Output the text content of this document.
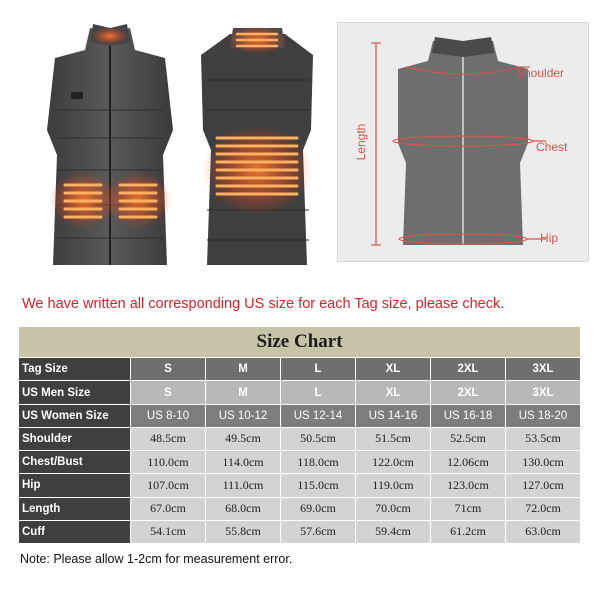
Shoulder
Chest
Hip
Length
We have written all corresponding US size for each Tag size, please check.
Size Chart						
Tag Size	S	M	L	XL	2XL	3XL
US Men Size	S	M	L	XL	2XL	3XL
US Women Size	US 8-10	US 10-12	US 12-14	US 14-16	US 16-18	US 18-20
Shoulder	48.5cm	49.5cm	50.5cm	51.5cm	52.5cm	53.5cm
Chest/Bust	110.0cm	114.0cm	118.0cm	122.0cm	12.06cm	130.0cm
Hip	107.0cm	111.0cm	115.0cm	119.0cm	123.0cm	127.0cm
Length	67.0cm	68.0cm	69.0cm	70.0cm	71cm	72.0cm
Cuff	54.1cm	55.8cm	57.6cm	59.4cm	61.2cm	63.0cm
Note: Please allow 1-2cm for measurement error.
